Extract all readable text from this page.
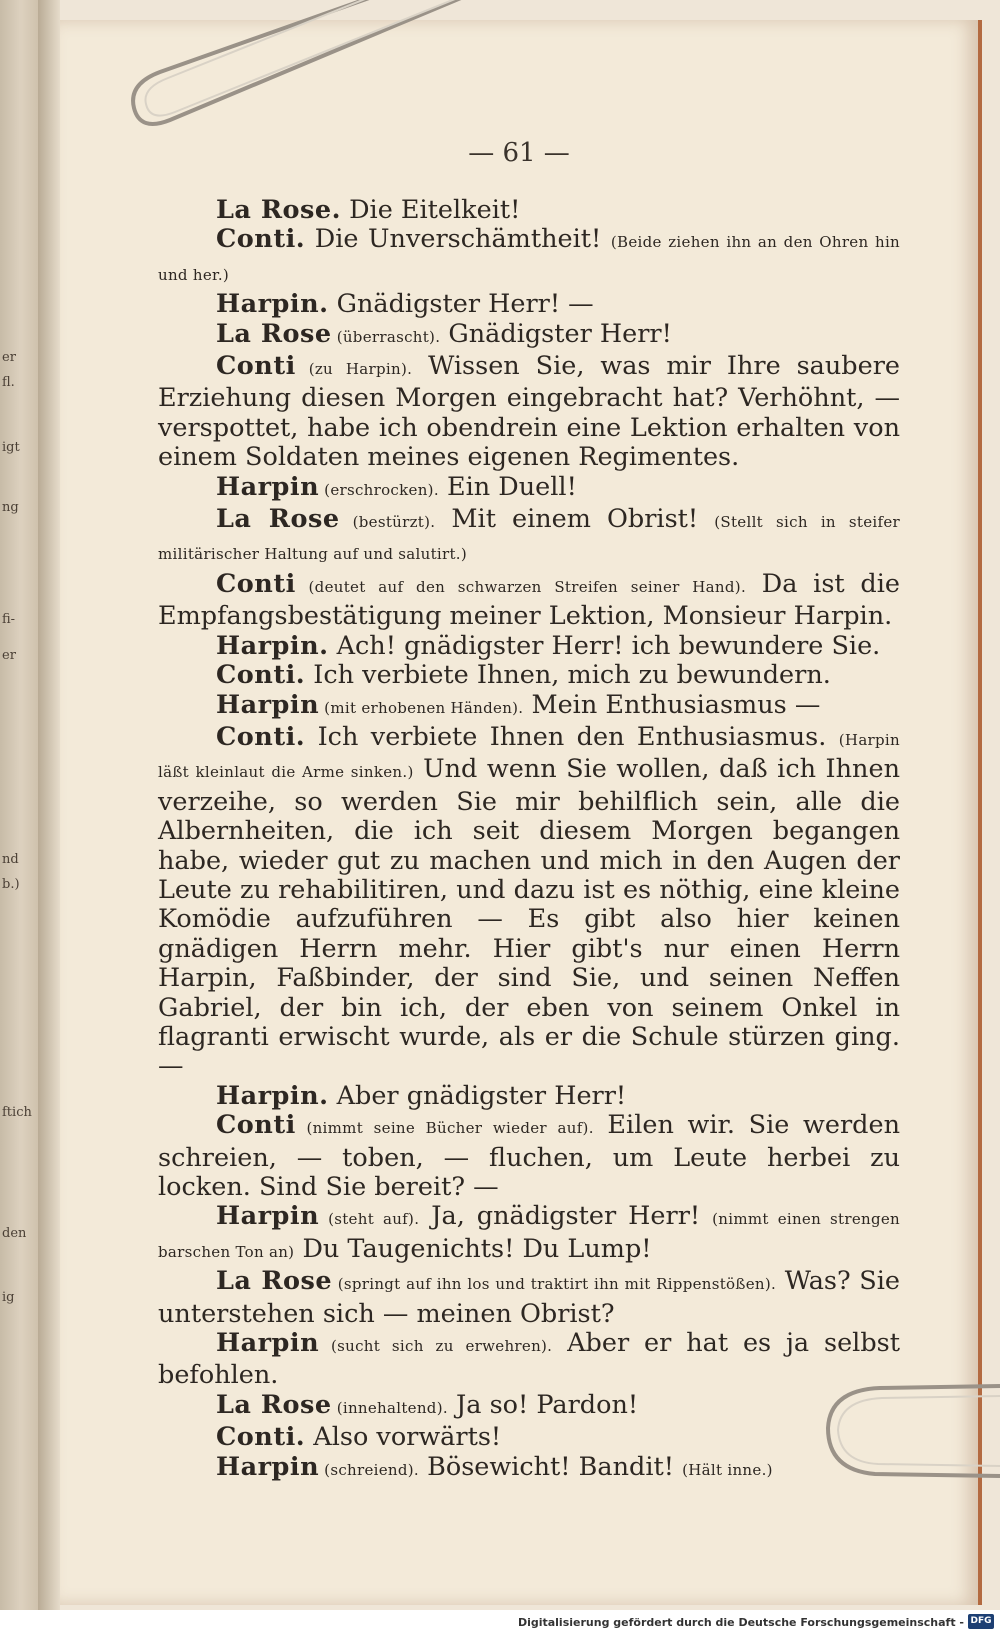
er
fl.
igt
ng
fi-
er
nd
b.)
ftich
den
ig
— 61 —

La Rose. Die Eitelkeit!

Conti. Die Unverschämtheit! (Beide ziehen ihn an den Ohren hin und her.)

Harpin. Gnädigster Herr! —

La Rose (überrascht). Gnädigster Herr!

Conti (zu Harpin). Wissen Sie, was mir Ihre saubere Erziehung diesen Morgen eingebracht hat? Verhöhnt, — verspottet, habe ich obendrein eine Lektion erhalten von einem Soldaten meines eigenen Regimentes.

Harpin (erschrocken). Ein Duell!

La Rose (bestürzt). Mit einem Obrist! (Stellt sich in steifer militärischer Haltung auf und salutirt.)

Conti (deutet auf den schwarzen Streifen seiner Hand). Da ist die Empfangsbestätigung meiner Lektion, Monsieur Harpin.

Harpin. Ach! gnädigster Herr! ich bewundere Sie.

Conti. Ich verbiete Ihnen, mich zu bewundern.

Harpin (mit erhobenen Händen). Mein Enthusiasmus —

Conti. Ich verbiete Ihnen den Enthusiasmus. (Harpin läßt kleinlaut die Arme sinken.) Und wenn Sie wollen, daß ich Ihnen verzeihe, so werden Sie mir behilflich sein, alle die Albernheiten, die ich seit diesem Morgen begangen habe, wieder gut zu machen und mich in den Augen der Leute zu rehabilitiren, und dazu ist es nöthig, eine kleine Komödie aufzuführen — Es gibt also hier keinen gnädigen Herrn mehr. Hier gibt's nur einen Herrn Harpin, Faßbinder, der sind Sie, und seinen Neffen Gabriel, der bin ich, der eben von seinem Onkel in flagranti erwischt wurde, als er die Schule stürzen ging. —

Harpin. Aber gnädigster Herr!

Conti (nimmt seine Bücher wieder auf). Eilen wir. Sie werden schreien, — toben, — fluchen, um Leute herbei zu locken. Sind Sie bereit? —

Harpin (steht auf). Ja, gnädigster Herr! (nimmt einen strengen barschen Ton an) Du Taugenichts! Du Lump!

La Rose (springt auf ihn los und traktirt ihn mit Rippenstößen). Was? Sie unterstehen sich — meinen Obrist?

Harpin (sucht sich zu erwehren). Aber er hat es ja selbst befohlen.

La Rose (innehaltend). Ja so! Pardon!

Conti. Also vorwärts!

Harpin (schreiend). Bösewicht! Bandit! (Hält inne.)

Digitalisierung gefördert durch die Deutsche Forschungsgemeinschaft - DFG
